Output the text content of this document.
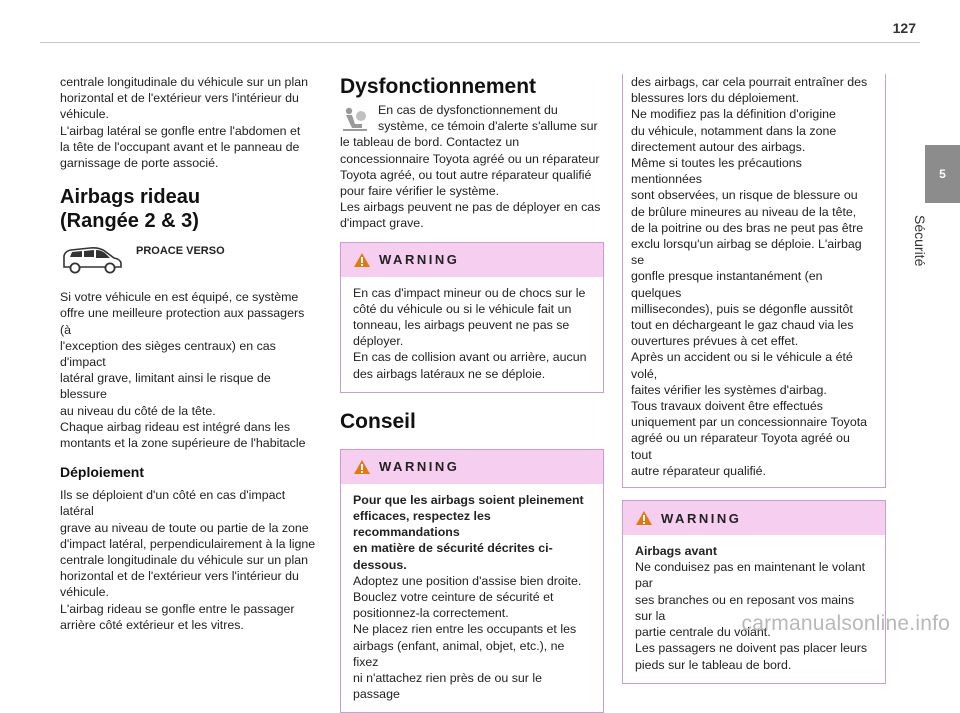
127
5
Sécurité

centrale longitudinale du véhicule sur un plan
horizontal et de l'extérieur vers l'intérieur du
véhicule.
L'airbag latéral se gonfle entre l'abdomen et
la tête de l'occupant avant et le panneau de
garnissage de porte associé.

Airbags rideau

(Rangée 2 & 3)

PROACE VERSO

Si votre véhicule en est équipé, ce système
offre une meilleure protection aux passagers (à
l'exception des sièges centraux) en cas d'impact
latéral grave, limitant ainsi le risque de blessure
au niveau du côté de la tête.
Chaque airbag rideau est intégré dans les
montants et la zone supérieure de l'habitacle

Déploiement

Ils se déploient d'un côté en cas d'impact latéral
grave au niveau de toute ou partie de la zone
d'impact latéral, perpendiculairement à la ligne
centrale longitudinale du véhicule sur un plan
horizontal et de l'extérieur vers l'intérieur du
véhicule.
L'airbag rideau se gonfle entre le passager
arrière côté extérieur et les vitres.

Dysfonctionnement

En cas de dysfonctionnement du
système, ce témoin d'alerte s'allume sur

le tableau de bord. Contactez un
concessionnaire Toyota agréé ou un réparateur
Toyota agréé, ou tout autre réparateur qualifié
pour faire vérifier le système.
Les airbags peuvent ne pas de déployer en cas
d'impact grave.

WARNING

En cas d'impact mineur ou de chocs sur le
côté du véhicule ou si le véhicule fait un
tonneau, les airbags peuvent ne pas se
déployer.
En cas de collision avant ou arrière, aucun
des airbags latéraux ne se déploie.

Conseil

WARNING

Pour que les airbags soient pleinement
efficaces, respectez les recommandations
en matière de sécurité décrites ci-dessous.

Adoptez une position d'assise bien droite.
Bouclez votre ceinture de sécurité et
positionnez-la correctement.
Ne placez rien entre les occupants et les
airbags (enfant, animal, objet, etc.), ne fixez
ni n'attachez rien près de ou sur le passage

des airbags, car cela pourrait entraîner des
blessures lors du déploiement.
Ne modifiez pas la définition d'origine
du véhicule, notamment dans la zone
directement autour des airbags.
Même si toutes les précautions mentionnées
sont observées, un risque de blessure ou
de brûlure mineures au niveau de la tête,
de la poitrine ou des bras ne peut pas être
exclu lorsqu'un airbag se déploie. L'airbag se
gonfle presque instantanément (en quelques
millisecondes), puis se dégonfle aussitôt
tout en déchargeant le gaz chaud via les
ouvertures prévues à cet effet.
Après un accident ou si le véhicule a été volé,
faites vérifier les systèmes d'airbag.
Tous travaux doivent être effectués
uniquement par un concessionnaire Toyota
agréé ou un réparateur Toyota agréé ou tout
autre réparateur qualifié.

WARNING

Airbags avant

Ne conduisez pas en maintenant le volant par
ses branches ou en reposant vos mains sur la
partie centrale du volant.
Les passagers ne doivent pas placer leurs
pieds sur le tableau de bord.

carmanualsonline.info
